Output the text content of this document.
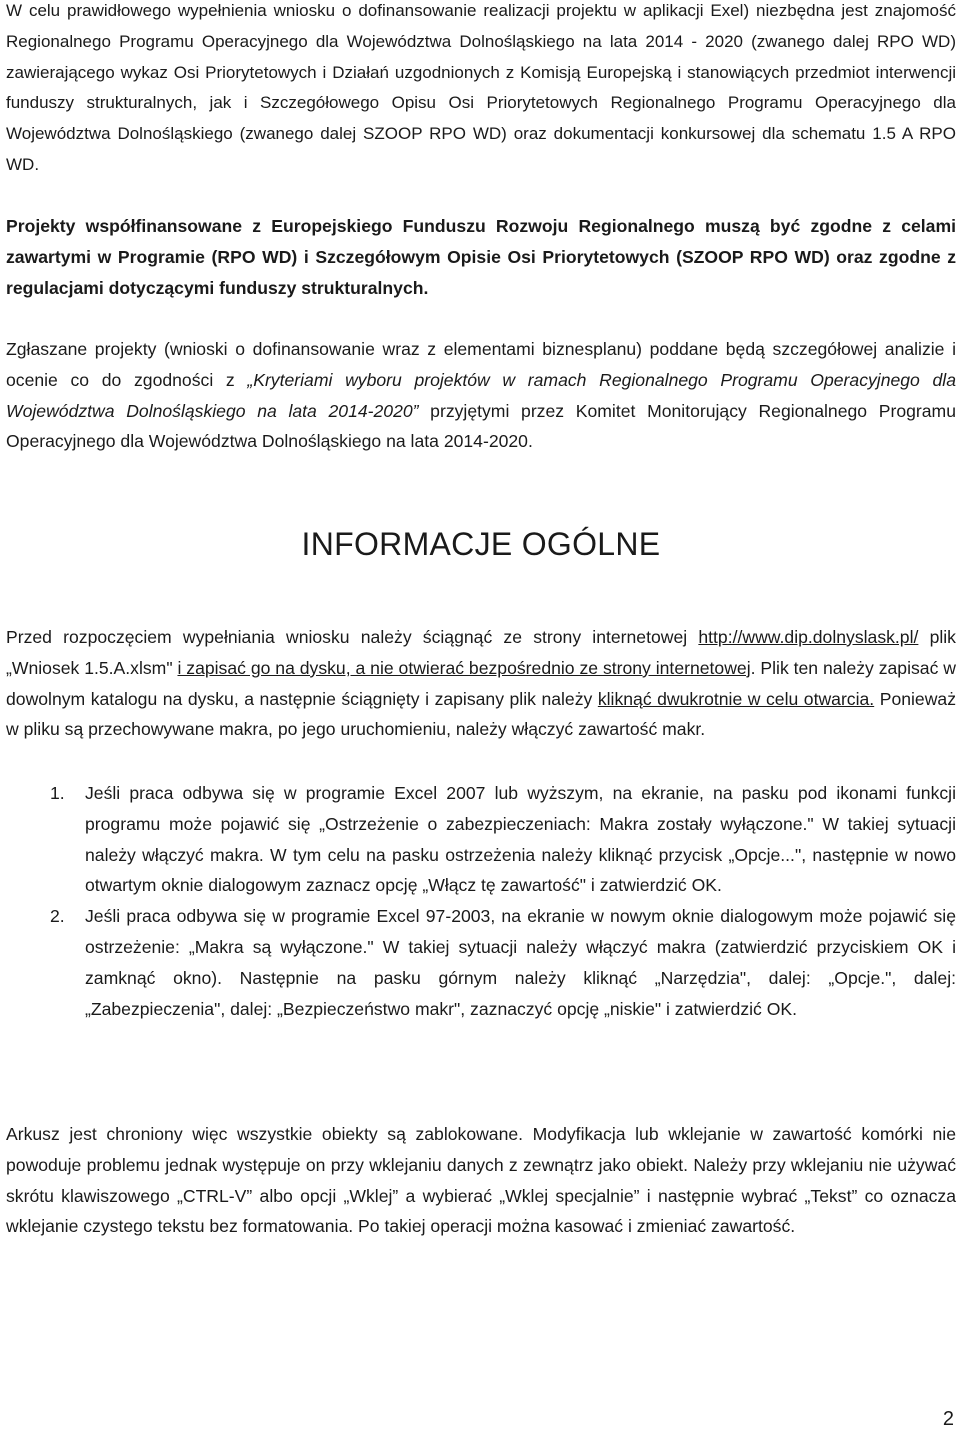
W celu prawidłowego wypełnienia wniosku o dofinansowanie realizacji projektu w aplikacji Exel) niezbędna jest znajomość Regionalnego Programu Operacyjnego dla Województwa Dolnośląskiego na lata 2014 - 2020 (zwanego dalej RPO WD) zawierającego wykaz Osi Priorytetowych i Działań uzgodnionych z Komisją Europejską i stanowiących przedmiot interwencji funduszy strukturalnych, jak i Szczegółowego Opisu Osi Priorytetowych Regionalnego Programu Operacyjnego dla Województwa Dolnośląskiego (zwanego dalej SZOOP RPO WD) oraz dokumentacji konkursowej dla schematu 1.5 A RPO WD.

Projekty współfinansowane z Europejskiego Funduszu Rozwoju Regionalnego muszą być zgodne z celami zawartymi w Programie (RPO WD) i Szczegółowym Opisie Osi Priorytetowych (SZOOP RPO WD) oraz zgodne z regulacjami dotyczącymi funduszy strukturalnych.

Zgłaszane projekty (wnioski o dofinansowanie wraz z elementami biznesplanu) poddane będą szczegółowej analizie i ocenie co do zgodności z „Kryteriami wyboru projektów w ramach Regionalnego Programu Operacyjnego dla Województwa Dolnośląskiego na lata 2014-2020” przyjętymi przez Komitet Monitorujący Regionalnego Programu Operacyjnego dla Województwa Dolnośląskiego na lata 2014-2020.

INFORMACJE OGÓLNE

Przed rozpoczęciem wypełniania wniosku należy ściągnąć ze strony internetowej http://www.dip.dolnyslask.pl/ plik „Wniosek 1.5.A.xlsm" i zapisać go na dysku, a nie otwierać bezpośrednio ze strony internetowej. Plik ten należy zapisać w dowolnym katalogu na dysku, a następnie ściągnięty i zapisany plik należy kliknąć dwukrotnie w celu otwarcia. Ponieważ w pliku są przechowywane makra, po jego uruchomieniu, należy włączyć zawartość makr.

1. Jeśli praca odbywa się w programie Excel 2007 lub wyższym, na ekranie, na pasku pod ikonami funkcji programu może pojawić się „Ostrzeżenie o zabezpieczeniach: Makra zostały wyłączone." W takiej sytuacji należy włączyć makra. W tym celu na pasku ostrzeżenia należy kliknąć przycisk „Opcje...", następnie w nowo otwartym oknie dialogowym zaznacz opcję „Włącz tę zawartość" i zatwierdzić OK.
2. Jeśli praca odbywa się w programie Excel 97-2003, na ekranie w nowym oknie dialogowym może pojawić się ostrzeżenie: „Makra są wyłączone." W takiej sytuacji należy włączyć makra (zatwierdzić przyciskiem OK i zamknąć okno). Następnie na pasku górnym należy kliknąć „Narzędzia", dalej: „Opcje.", dalej: „Zabezpieczenia", dalej: „Bezpieczeństwo makr", zaznaczyć opcję „niskie" i zatwierdzić OK.

Arkusz jest chroniony więc wszystkie obiekty są zablokowane. Modyfikacja lub wklejanie w zawartość komórki nie powoduje problemu jednak występuje on przy wklejaniu danych z zewnątrz jako obiekt. Należy przy wklejaniu nie używać skrótu klawiszowego „CTRL-V” albo opcji „Wklej” a wybierać „Wklej specjalnie” i następnie wybrać „Tekst” co oznacza wklejanie czystego tekstu bez formatowania. Po takiej operacji można kasować i zmieniać zawartość.

2
